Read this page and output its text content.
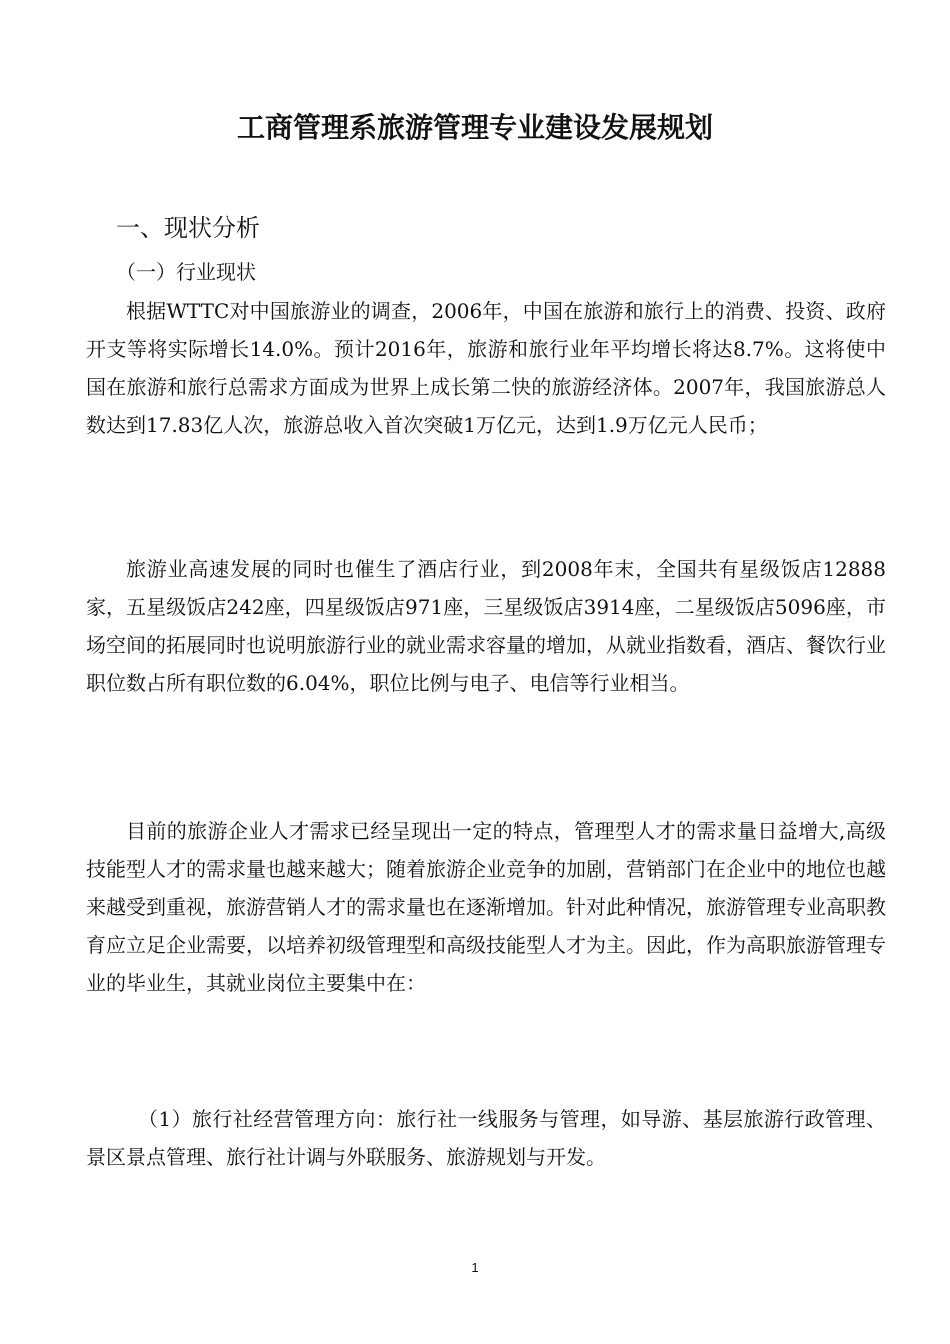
工商管理系旅游管理专业建设发展规划
一、现状分析
（一）行业现状

根据WTTC对中国旅游业的调查，2006年，中国在旅游和旅行上的消费、投资、政府开支等将实际增长14.0%。预计2016年，旅游和旅行业年平均增长将达8.7%。这将使中国在旅游和旅行总需求方面成为世界上成长第二快的旅游经济体。2007年，我国旅游总人数达到17.83亿人次，旅游总收入首次突破1万亿元，达到1.9万亿元人民币；

旅游业高速发展的同时也催生了酒店行业，到2008年末，全国共有星级饭店12888家，五星级饭店242座，四星级饭店971座，三星级饭店3914座，二星级饭店5096座，市场空间的拓展同时也说明旅游行业的就业需求容量的增加，从就业指数看，酒店、餐饮行业职位数占所有职位数的6.04%，职位比例与电子、电信等行业相当。

目前的旅游企业人才需求已经呈现出一定的特点，管理型人才的需求量日益增大,高级技能型人才的需求量也越来越大；随着旅游企业竞争的加剧，营销部门在企业中的地位也越来越受到重视，旅游营销人才的需求量也在逐渐增加。针对此种情况，旅游管理专业高职教育应立足企业需要，以培养初级管理型和高级技能型人才为主。因此，作为高职旅游管理专业的毕业生，其就业岗位主要集中在：

（1）旅行社经营管理方向：旅行社一线服务与管理，如导游、基层旅游行政管理、景区景点管理、旅行社计调与外联服务、旅游规划与开发。

1
